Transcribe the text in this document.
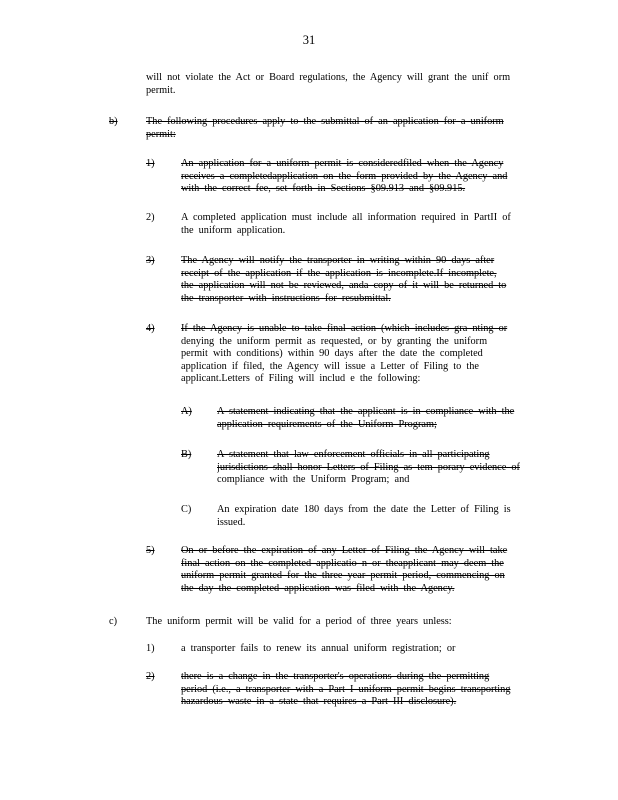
31
will not violate the Act or Board regulations, the Agency will grant the unif orm
permit.
b)	The following procedures apply to the submittal of an application for a uniform
permit:
1)	An application for a uniform permit is consideredfiled when the Agency
receives a completedapplication on the form provided by the Agency and
with the correct fee, set forth in Sections §09.913 and §09.915.
2)	A completed application must include all information required in PartII of
the uniform application.
3)	The Agency will notify the transporter in writing within 90 days after
receipt of the application if the application is incomplete.If incomplete,
the application will not be reviewed, anda copy of it will be returned to
the transporter with instructions for resubmittal.
4)	If the Agency is unable to take final action (which includes gra nting or
denying the uniform permit as requested, or by granting the uniform
permit with conditions) within 90 days after the date the completed
application if filed, the Agency will issue a Letter of Filing to the
applicant.Letters of Filing will includ e the following:
A) A statement indicating that the applicant is in compliance with the
application requirements of the Uniform Program;
B) A statement that law enforcement officials in all participating
jurisdictions shall honor Letters of Filing as tem porary evidence of
compliance with the Uniform Program; and
C) An expiration date 180 days from the date the Letter of Filing is
issued.
5)	On or before the expiration of any Letter of Filing the Agency will take
final action on the completed applicatio n or theapplicant may deem the
uniform permit granted for the three year permit period, commencing on
the day the completed application was filed with the Agency.
c)	The uniform permit will be valid for a period of three years unless:
1)	a transporter fails to renew its annual uniform registration; or
2)	there is a change in the transporter's operations during the permitting
period (i.e., a transporter with a Part I uniform permit begins transporting
hazardous waste in a state that requires a Part III disclosure).
